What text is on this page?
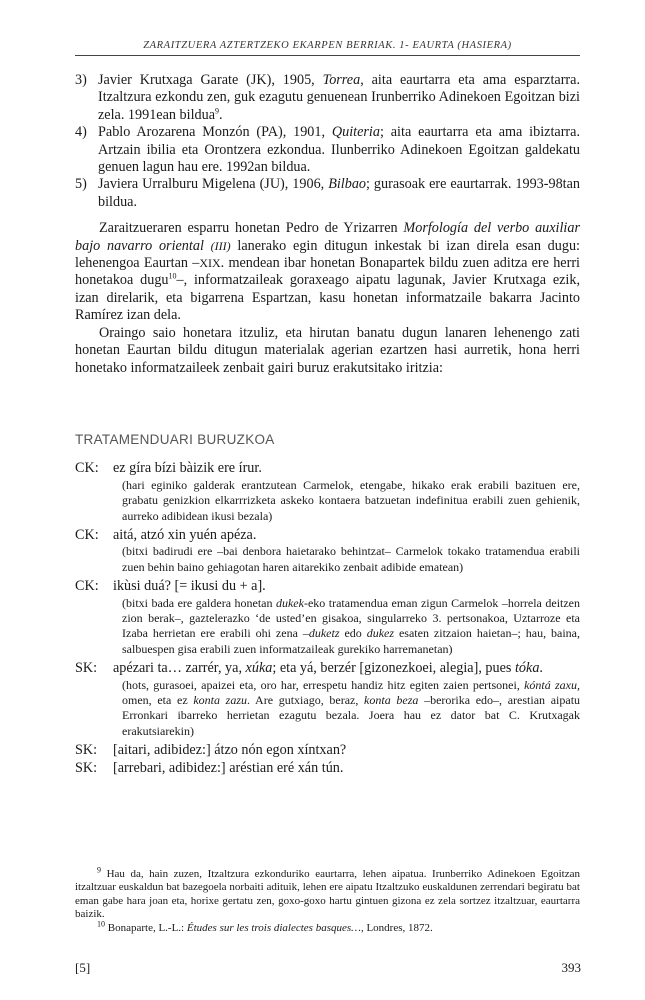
ZARAITZUERA AZTERTZEKO EKARPEN BERRIAK. 1- EAURTA (HASIERA)
3) Javier Krutxaga Garate (JK), 1905, Torrea, aita eaurtarra eta ama esparztarra. Itzaltzura ezkondu zen, guk ezagutu genuenean Irunberriko Adinekoen Egoitzan bizi zela. 1991ean bildua$^9$.
4) Pablo Arozarena Monzón (PA), 1901, Quiteria; aita eaurtarra eta ama ibiztarra. Artzain ibilia eta Orontzera ezkondua. Ilunberriko Adinekoen Egoitzan galdekatu genuen lagun hau ere. 1992an bildua.
5) Javiera Urralburu Migelena (JU), 1906, Bilbao; gurasoak ere eaurtarrak. 1993-98tan bildua.

Zaraitzueraren esparru honetan Pedro de Yrizarren Morfología del verbo auxiliar bajo navarro oriental (III) lanerako egin ditugun inkestak bi izan direla esan dugu: lehenengoa Eaurtan –XIX. mendean ibar honetan Bonapartek bildu zuen aditza ere herri honetakoa dugu$^{10}$–, informatzaileak goraxeago aipatu lagunak, Javier Krutxaga ezik, izan direlarik, eta bigarrena Espartzan, kasu honetan informatzaile bakarra Jacinto Ramírez izan dela.

Oraingo saio honetara itzuliz, eta hirutan banatu dugun lanaren lehenengo zati honetan Eaurtan bildu ditugun materialak agerian ezartzen hasi aurretik, hona herri honetako informatzaileek zenbait gairi buruz erakutsitako iritzia:

TRATAMENDUARI BURUZKOA
CK:	ez gíra bízi bàizik ere írur.
(hari eginiko galderak erantzutean Carmelok, etengabe, hikako erak erabili bazituen ere, grabatu genizkion elkarrrizketa askeko kontaera batzuetan indefinitua erabili zuen gehienik, aurreko adibidean ikusi bezala)
CK:	aitá, atzó xin yuén apéza.
(bitxi badirudi ere –bai denbora haietarako behintzat– Carmelok tokako tratamendua erabili zuen behin baino gehiagotan haren aitarekiko zenbait adibide ematean)
CK:	ikùsi duá? [= ikusi du + a].
(bitxi bada ere galdera honetan dukek-eko tratamendua eman zigun Carmelok –horrela deitzen zion berak–, gaztelerazko ‘de usted’en gisakoa, singularreko 3. pertsonakoa, Uztarroze eta Izaba herrietan ere erabili ohi zena –duketz edo dukez esaten zitzaion haietan–; hau, baina, salbuespen gisa erabili zuen informatzaileak gurekiko harremanetan)
SK:	apézari ta… zarrér, ya, xúka; eta yá, berzér [gizonezkoei, alegia], pues tóka.
(hots, gurasoei, apaizei eta, oro har, errespetu handiz hitz egiten zaien pertsonei, kóntá zaxu, omen, eta ez konta zazu. Are gutxiago, beraz, konta beza –berorika edo–, arestian aipatu Erronkari ibarreko herrietan ezagutu bezala. Joera hau ez dator bat C. Krutxagak erakutsiarekin)
SK:	[aitari, adibidez:] átzo nón egon xíntxan?
SK:	[arrebari, adibidez:] aréstian eré xán tún.

$^9$ Hau da, hain zuzen, Itzaltzura ezkonduriko eaurtarra, lehen aipatua. Irunberriko Adinekoen Egoitzan itzaltzuar euskaldun bat bazegoela norbaiti adituik, lehen ere aipatu Itzaltzuko euskaldunen zerrendari begiratu bat eman gabe hara joan eta, horixe gertatu zen, goxo-goxo hartu gintuen gizona ez zela sortzez itzaltzuar, eaurtarra baizik.

$^{10}$ Bonaparte, L.-L.: Études sur les trois dialectes basques…, Londres, 1872.

[5]	393
